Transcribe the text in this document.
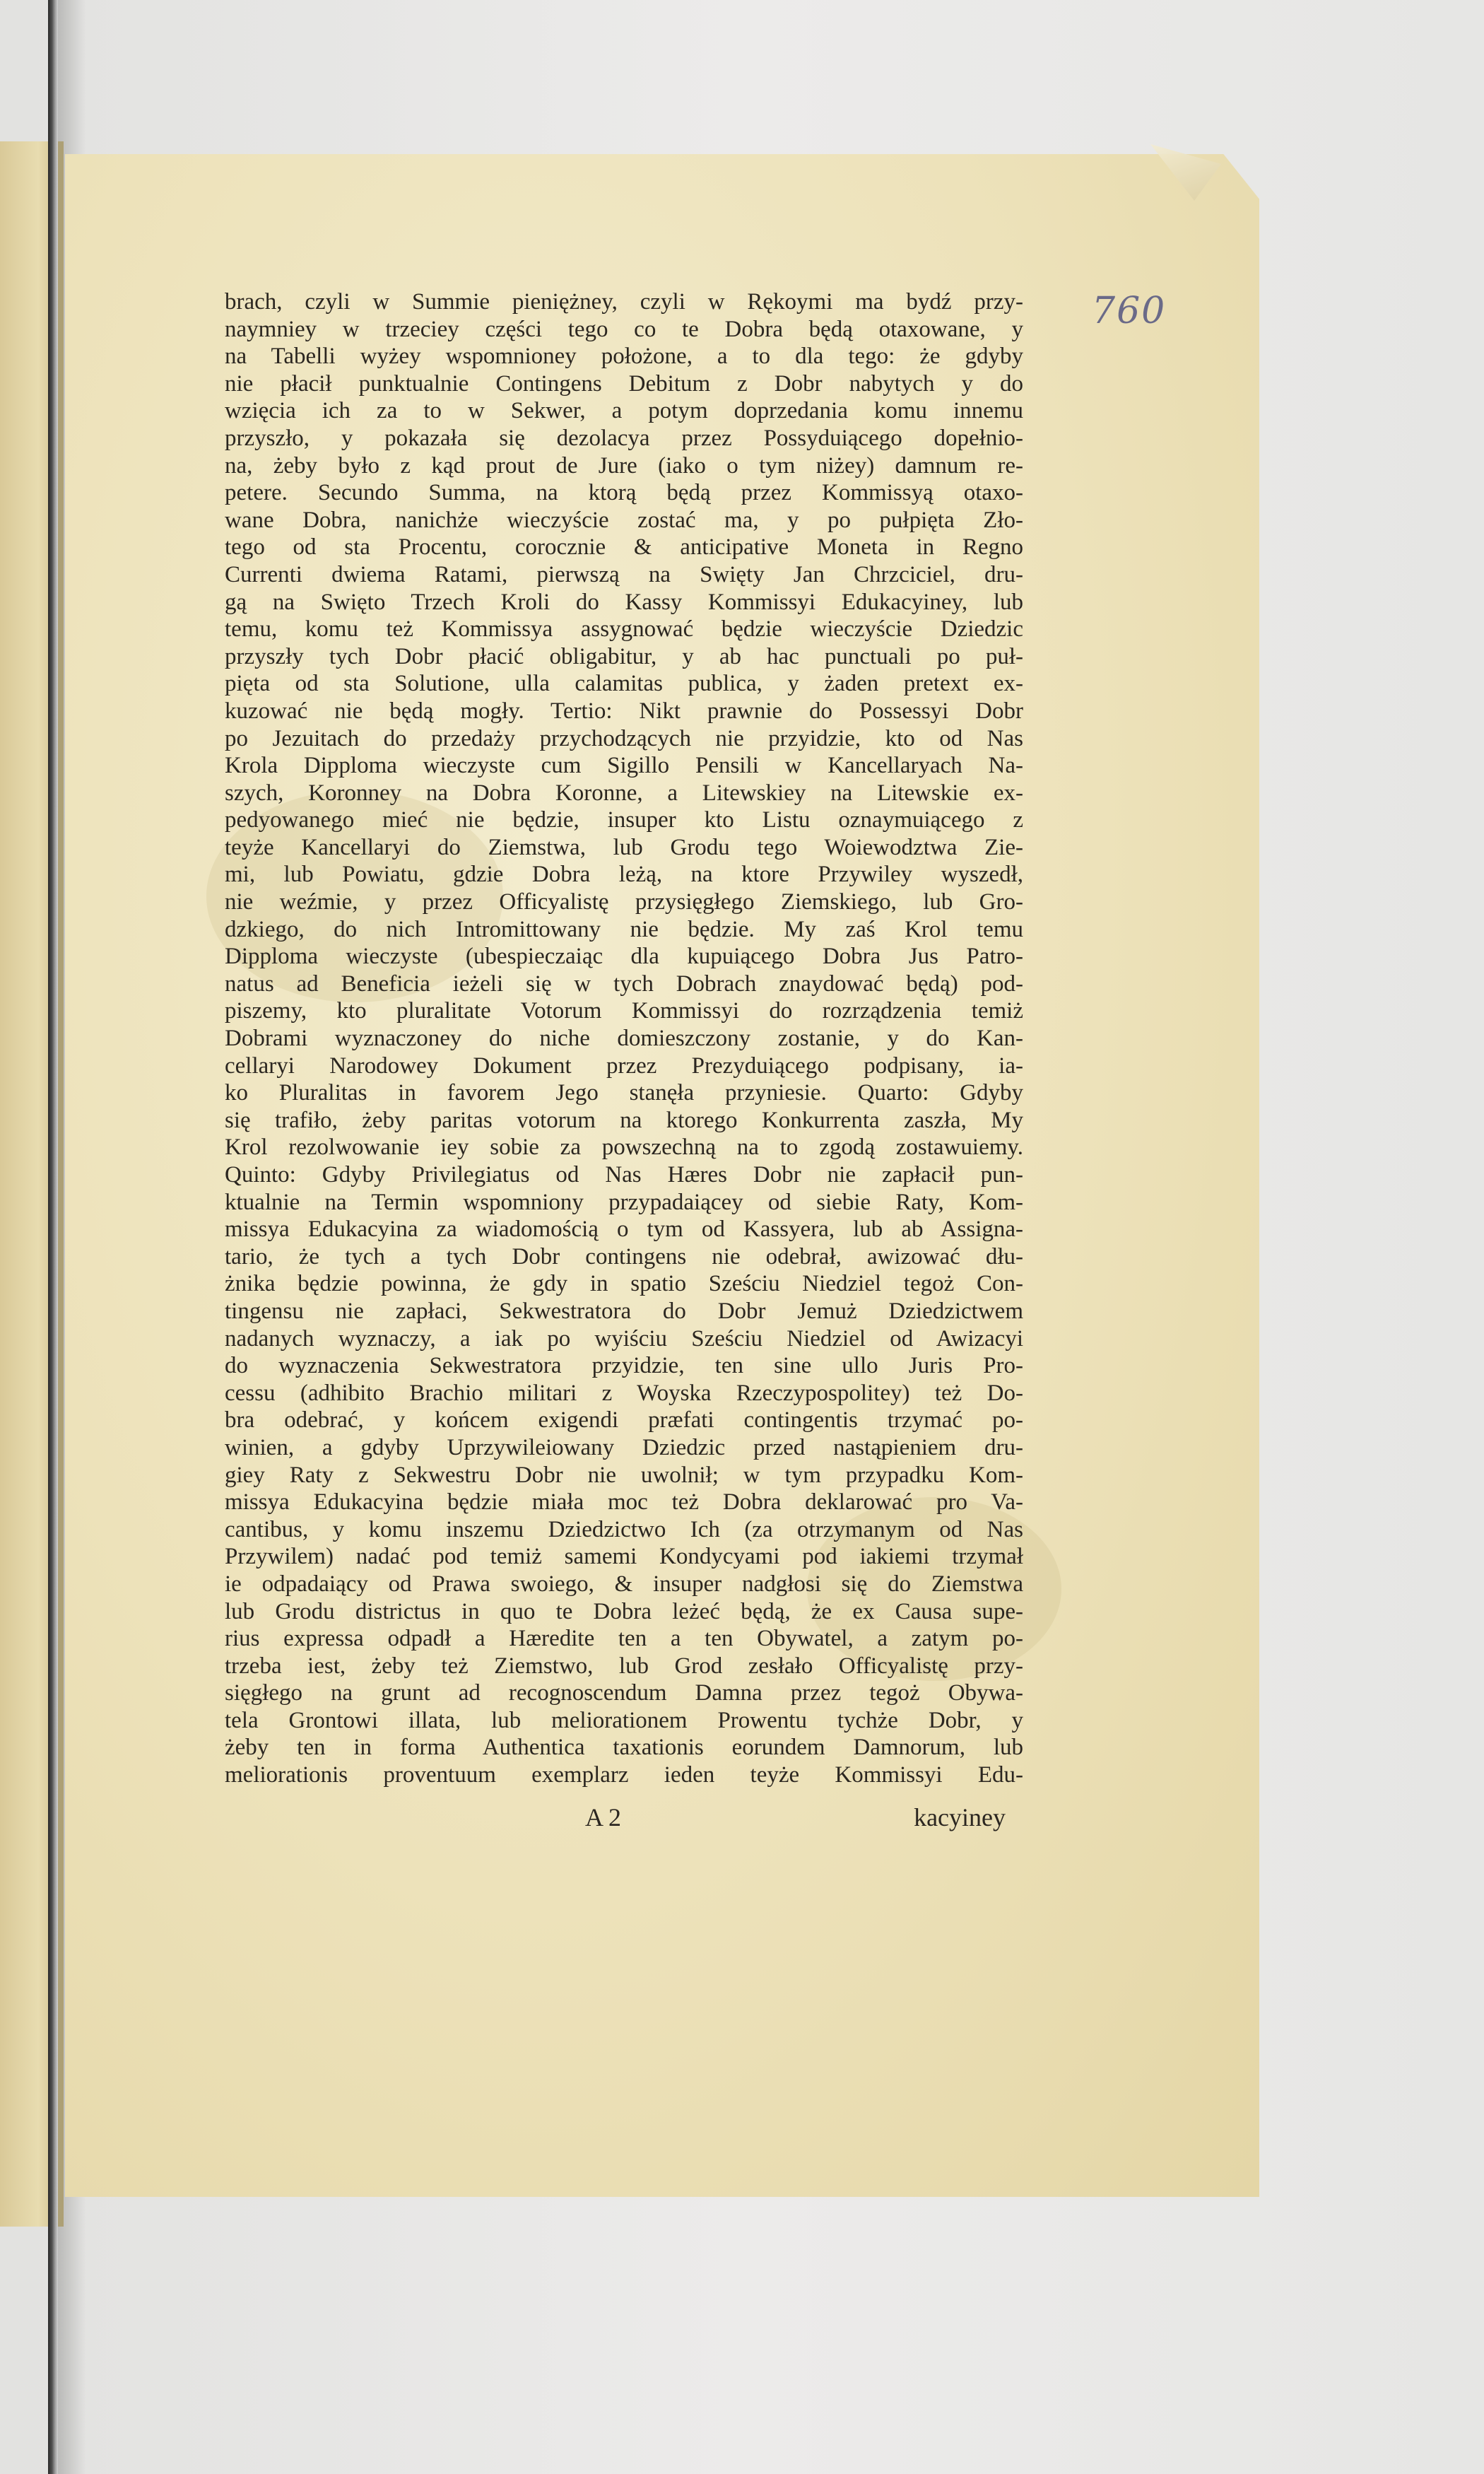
760
brach, czyli w Summie pieniężney, czyli w Rękoymi ma bydź przy-
naymniey w trzeciey części tego co te Dobra będą otaxowane, y
na Tabelli wyżey wspomnioney położone, a to dla tego: że gdyby
nie płacił punktualnie Contingens Debitum z Dobr nabytych y do
wzięcia ich za to w Sekwer, a potym doprzedania komu innemu
przyszło, y pokazała się dezolacya przez Possyduiącego dopełnio-
na, żeby było z kąd prout de Jure (iako o tym niżey) damnum re-
petere. Secundo Summa, na ktorą będą przez Kommissyą otaxo-
wane Dobra, nanichże wieczyście zostać ma, y po pułpięta Zło-
tego od sta Procentu, corocznie & anticipative Moneta in Regno
Currenti dwiema Ratami, pierwszą na Swięty Jan Chrzciciel, dru-
gą na Swięto Trzech Kroli do Kassy Kommissyi Edukacyiney, lub
temu, komu też Kommissya assygnować będzie wieczyście Dziedzic
przyszły tych Dobr płacić obligabitur, y ab hac punctuali po puł-
pięta od sta Solutione, ulla calamitas publica, y żaden pretext ex-
kuzować nie będą mogły. Tertio: Nikt prawnie do Possessyi Dobr
po Jezuitach do przedaży przychodzących nie przyidzie, kto od Nas
Krola Dipploma wieczyste cum Sigillo Pensili w Kancellaryach Na-
szych, Koronney na Dobra Koronne, a Litewskiey na Litewskie ex-
pedyowanego mieć nie będzie, insuper kto Listu oznaymuiącego z
teyże Kancellaryi do Ziemstwa, lub Grodu tego Woiewodztwa Zie-
mi, lub Powiatu, gdzie Dobra leżą, na ktore Przywiley wyszedł,
nie weźmie, y przez Officyalistę przysięgłego Ziemskiego, lub Gro-
dzkiego, do nich Intromittowany nie będzie. My zaś Krol temu
Dipploma wieczyste (ubespieczaiąc dla kupuiącego Dobra Jus Patro-
natus ad Beneficia ieżeli się w tych Dobrach znaydować będą) pod-
piszemy, kto pluralitate Votorum Kommissyi do rozrządzenia temiż
Dobrami wyznaczoney do niche domieszczony zostanie, y do Kan-
cellaryi Narodowey Dokument przez Prezyduiącego podpisany, ia-
ko Pluralitas in favorem Jego stanęła przyniesie. Quarto: Gdyby
się trafiło, żeby paritas votorum na ktorego Konkurrenta zaszła, My
Krol rezolwowanie iey sobie za powszechną na to zgodą zostawuiemy.
Quinto: Gdyby Privilegiatus od Nas Hæres Dobr nie zapłacił pun-
ktualnie na Termin wspomniony przypadaiącey od siebie Raty, Kom-
missya Edukacyina za wiadomością o tym od Kassyera, lub ab Assigna-
tario, że tych a tych Dobr contingens nie odebrał, awizować dłu-
żnika będzie powinna, że gdy in spatio Sześciu Niedziel tegoż Con-
tingensu nie zapłaci, Sekwestratora do Dobr Jemuż Dziedzictwem
nadanych wyznaczy, a iak po wyiściu Sześciu Niedziel od Awizacyi
do wyznaczenia Sekwestratora przyidzie, ten sine ullo Juris Pro-
cessu (adhibito Brachio militari z Woyska Rzeczypospolitey) też Do-
bra odebrać, y końcem exigendi præfati contingentis trzymać po-
winien, a gdyby Uprzywileiowany Dziedzic przed nastąpieniem dru-
giey Raty z Sekwestru Dobr nie uwolnił; w tym przypadku Kom-
missya Edukacyina będzie miała moc też Dobra deklarować pro Va-
cantibus, y komu inszemu Dziedzictwo Ich (za otrzymanym od Nas
Przywilem) nadać pod temiż samemi Kondycyami pod iakiemi trzymał
ie odpadaiący od Prawa swoiego, & insuper nadgłosi się do Ziemstwa
lub Grodu districtus in quo te Dobra leżeć będą, że ex Causa supe-
rius expressa odpadł a Hæredite ten a ten Obywatel, a zatym po-
trzeba iest, żeby też Ziemstwo, lub Grod zesłało Officyalistę przy-
sięgłego na grunt ad recognoscendum Damna przez tegoż Obywa-
tela Grontowi illata, lub meliorationem Prowentu tychże Dobr, y
żeby ten in forma Authentica taxationis eorundem Damnorum, lub
meliorationis proventuum exemplarz ieden teyże Kommissyi Edu-
A 2	kacyiney
